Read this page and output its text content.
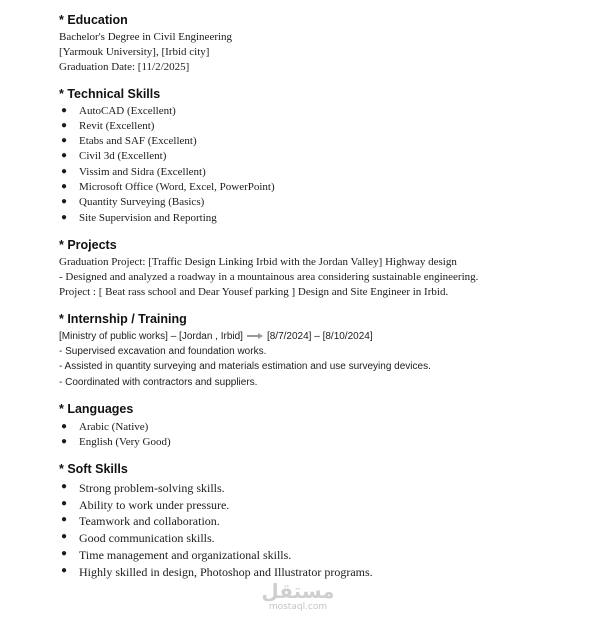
* Education
Bachelor's Degree in Civil Engineering
[Yarmouk University], [Irbid city]
Graduation Date: [11/2/2025]
* Technical Skills
● AutoCAD (Excellent)
● Revit (Excellent)
● Etabs and SAF (Excellent)
● Civil 3d (Excellent)
● Vissim and Sidra (Excellent)
● Microsoft Office (Word, Excel, PowerPoint)
● Quantity Surveying (Basics)
● Site Supervision and Reporting
* Projects
Graduation Project: [Traffic Design Linking Irbid with the Jordan Valley] Highway design
- Designed and analyzed a roadway in a mountainous area considering sustainable engineering.
Project : [ Beat rass school and Dear Yousef parking ] Design and Site Engineer in Irbid.
* Internship / Training
[Ministry of public works] – [Jordan , Irbid] [8/7/2024] – [8/10/2024]
- Supervised excavation and foundation works.
- Assisted in quantity surveying and materials estimation and use surveying devices.
- Coordinated with contractors and suppliers.
* Languages
● Arabic (Native)
● English (Very Good)
* Soft Skills
● Strong problem-solving skills.
● Ability to work under pressure.
● Teamwork and collaboration.
● Good communication skills.
● Time management and organizational skills.
● Highly skilled in design, Photoshop and Illustrator programs.
مستقل
mostaql.com
